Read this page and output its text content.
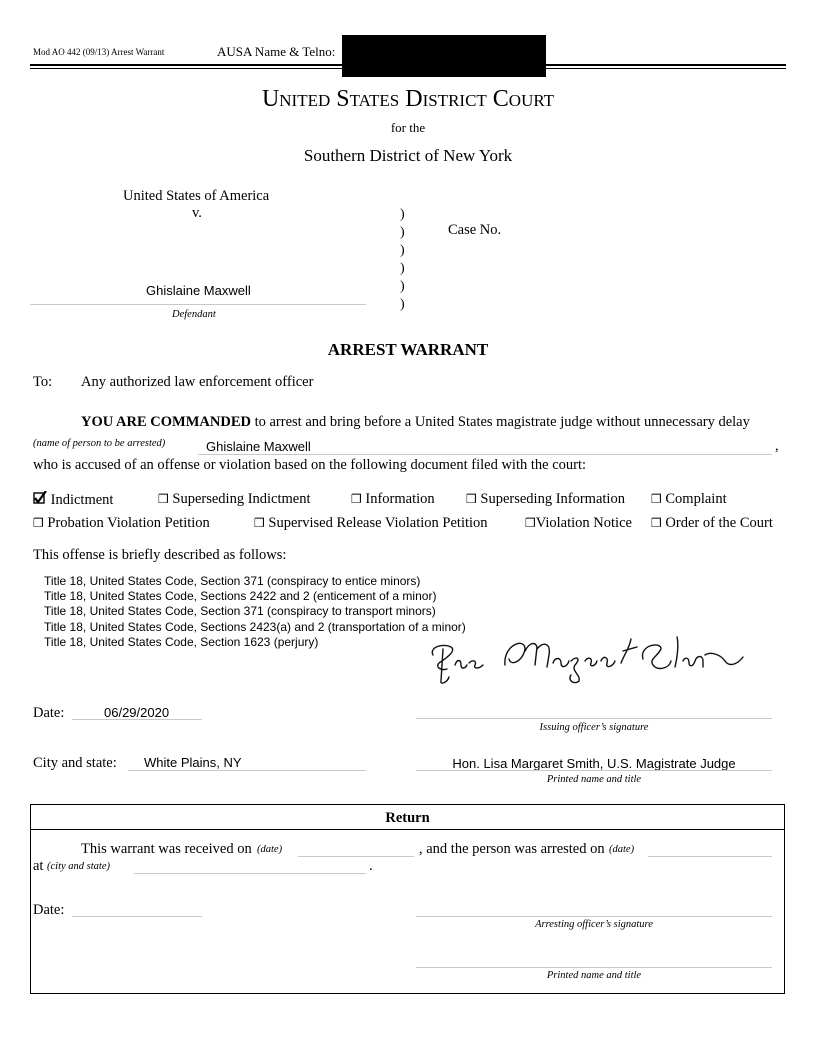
Mod AO 442 (09/13) Arrest Warrant	AUSA Name & Telno:
United States District Court
for the
Southern District of New York
United States of America
v.	)
)
)
)
)
)
Case No.
Ghislaine Maxwell
Defendant
ARREST WARRANT
To: Any authorized law enforcement officer
YOU ARE COMMANDED to arrest and bring before a United States magistrate judge without unnecessary delay
(name of person to be arrested)	Ghislaine Maxwell	,
who is accused of an offense or violation based on the following document filed with the court:
Indictment	❒ Superseding Indictment	❒ Information	❒ Superseding Information ❒ Complaint
❒ Probation Violation Petition	❒ Supervised Release Violation Petition	❒Violation Notice ❒ Order of the Court
This offense is briefly described as follows:
Title 18, United States Code, Section 371 (conspiracy to entice minors)
Title 18, United States Code, Sections 2422 and 2 (enticement of a minor)
Title 18, United States Code, Section 371 (conspiracy to transport minors)
Title 18, United States Code, Sections 2423(a) and 2 (transportation of a minor)
Title 18, United States Code, Section 1623 (perjury)
Date:	06/29/2020
Issuing officer’s signature
City and state: White Plains, NY	Hon. Lisa Margaret Smith, U.S. Magistrate Judge
Printed name and title
Return
This warrant was received on (date)	, and the person was arrested on (date)
at (city and state)	.
Date:
Arresting officer’s signature
Printed name and title
